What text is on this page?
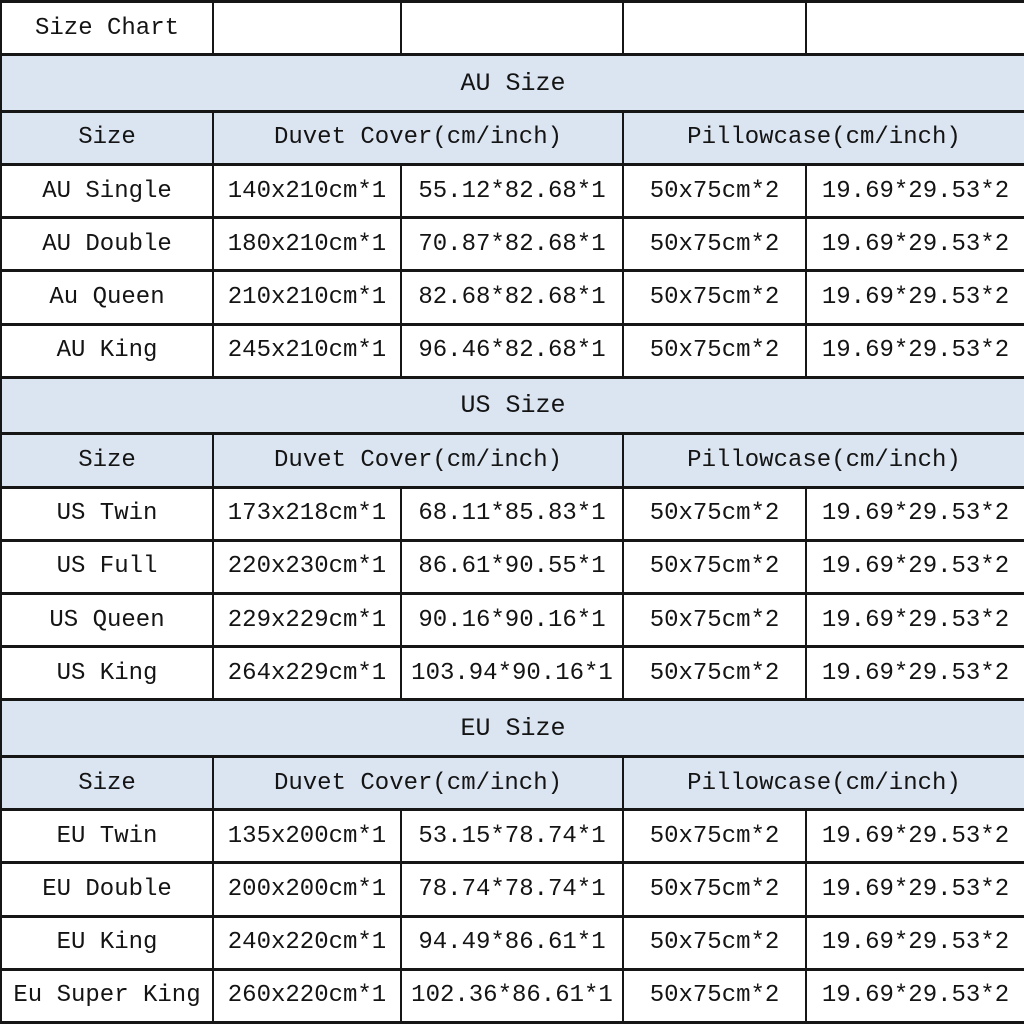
Size Chart				
AU Size				
Size	Duvet Cover(cm/inch)		Pillowcase(cm/inch)	
AU Single	140x210cm*1	55.12*82.68*1	50x75cm*2	19.69*29.53*2
AU Double	180x210cm*1	70.87*82.68*1	50x75cm*2	19.69*29.53*2
Au Queen	210x210cm*1	82.68*82.68*1	50x75cm*2	19.69*29.53*2
AU King	245x210cm*1	96.46*82.68*1	50x75cm*2	19.69*29.53*2
US Size				
Size	Duvet Cover(cm/inch)		Pillowcase(cm/inch)	
US Twin	173x218cm*1	68.11*85.83*1	50x75cm*2	19.69*29.53*2
US Full	220x230cm*1	86.61*90.55*1	50x75cm*2	19.69*29.53*2
US Queen	229x229cm*1	90.16*90.16*1	50x75cm*2	19.69*29.53*2
US King	264x229cm*1	103.94*90.16*1	50x75cm*2	19.69*29.53*2
EU Size				
Size	Duvet Cover(cm/inch)		Pillowcase(cm/inch)	
EU Twin	135x200cm*1	53.15*78.74*1	50x75cm*2	19.69*29.53*2
EU Double	200x200cm*1	78.74*78.74*1	50x75cm*2	19.69*29.53*2
EU King	240x220cm*1	94.49*86.61*1	50x75cm*2	19.69*29.53*2
Eu Super King	260x220cm*1	102.36*86.61*1	50x75cm*2	19.69*29.53*2
